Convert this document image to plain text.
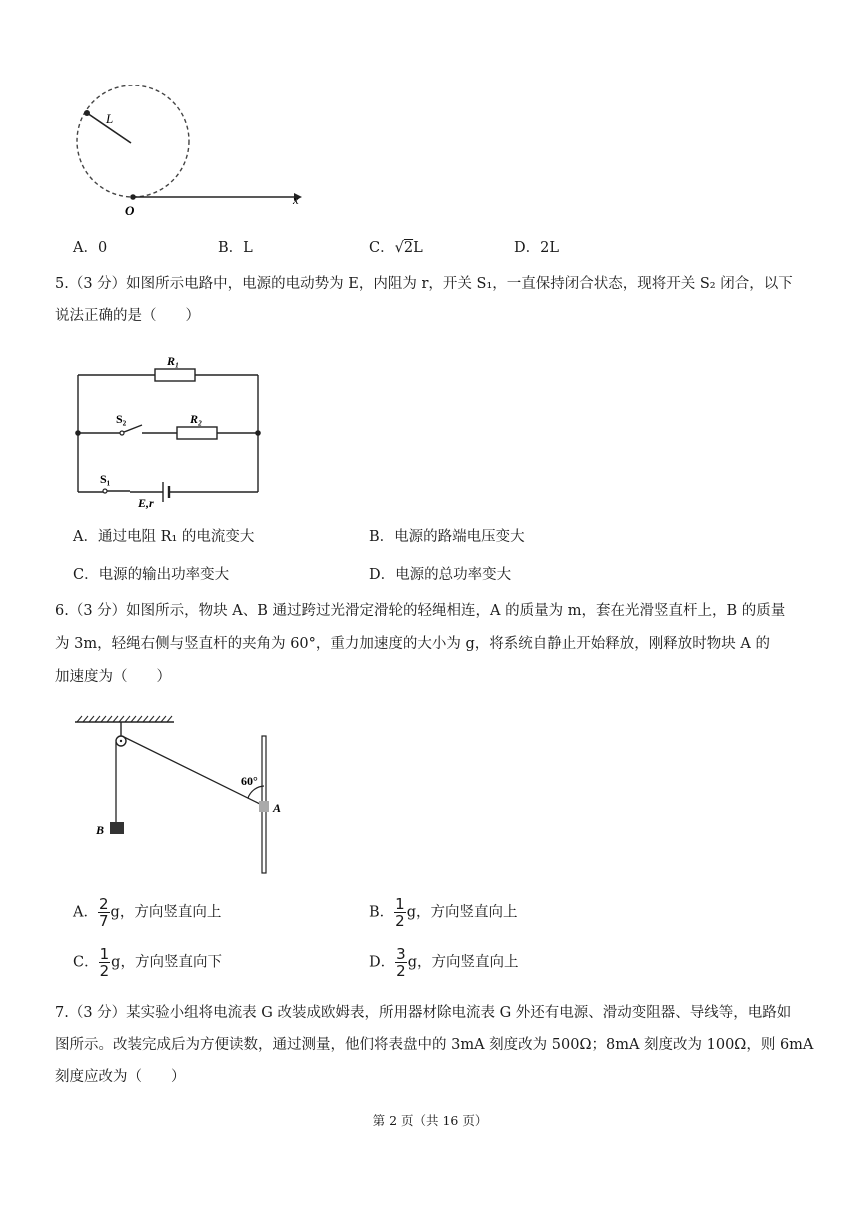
L
O
x
A．0	B．L	C．√2L	D．2L
5.（3 分）如图所示电路中，电源的电动势为 E，内阻为 r，开关 S₁，一直保持闭合状态，现将开关 S₂ 闭合，以下
说法正确的是（　　）
R₁
S₂	R₂
S₁
E,r
A．通过电阻 R₁ 的电流变大	B．电源的路端电压变大
C．电源的输出功率变大	D．电源的总功率变大
6.（3 分）如图所示，物块 A、B 通过跨过光滑定滑轮的轻绳相连，A 的质量为 m，套在光滑竖直杆上，B 的质量
为 3m，轻绳右侧与竖直杆的夹角为 60°，重力加速度的大小为 g，将系统自静止开始释放，刚释放时物块 A 的
加速度为（　　）
B
60°
A
A． $\frac{2}{7}$ g，方向竖直向上	B． $\frac{1}{2}$ g，方向竖直向上
C． $\frac{1}{2}$ g，方向竖直向下	D． $\frac{3}{2}$ g，方向竖直向上
7.（3 分）某实验小组将电流表 G 改装成欧姆表，所用器材除电流表 G 外还有电源、滑动变阻器、导线等，电路如
图所示。改装完成后为方便读数，通过测量，他们将表盘中的 3mA 刻度改为 500Ω；8mA 刻度改为 100Ω，则 6mA
刻度应改为（　　）
第 2 页（共 16 页）
